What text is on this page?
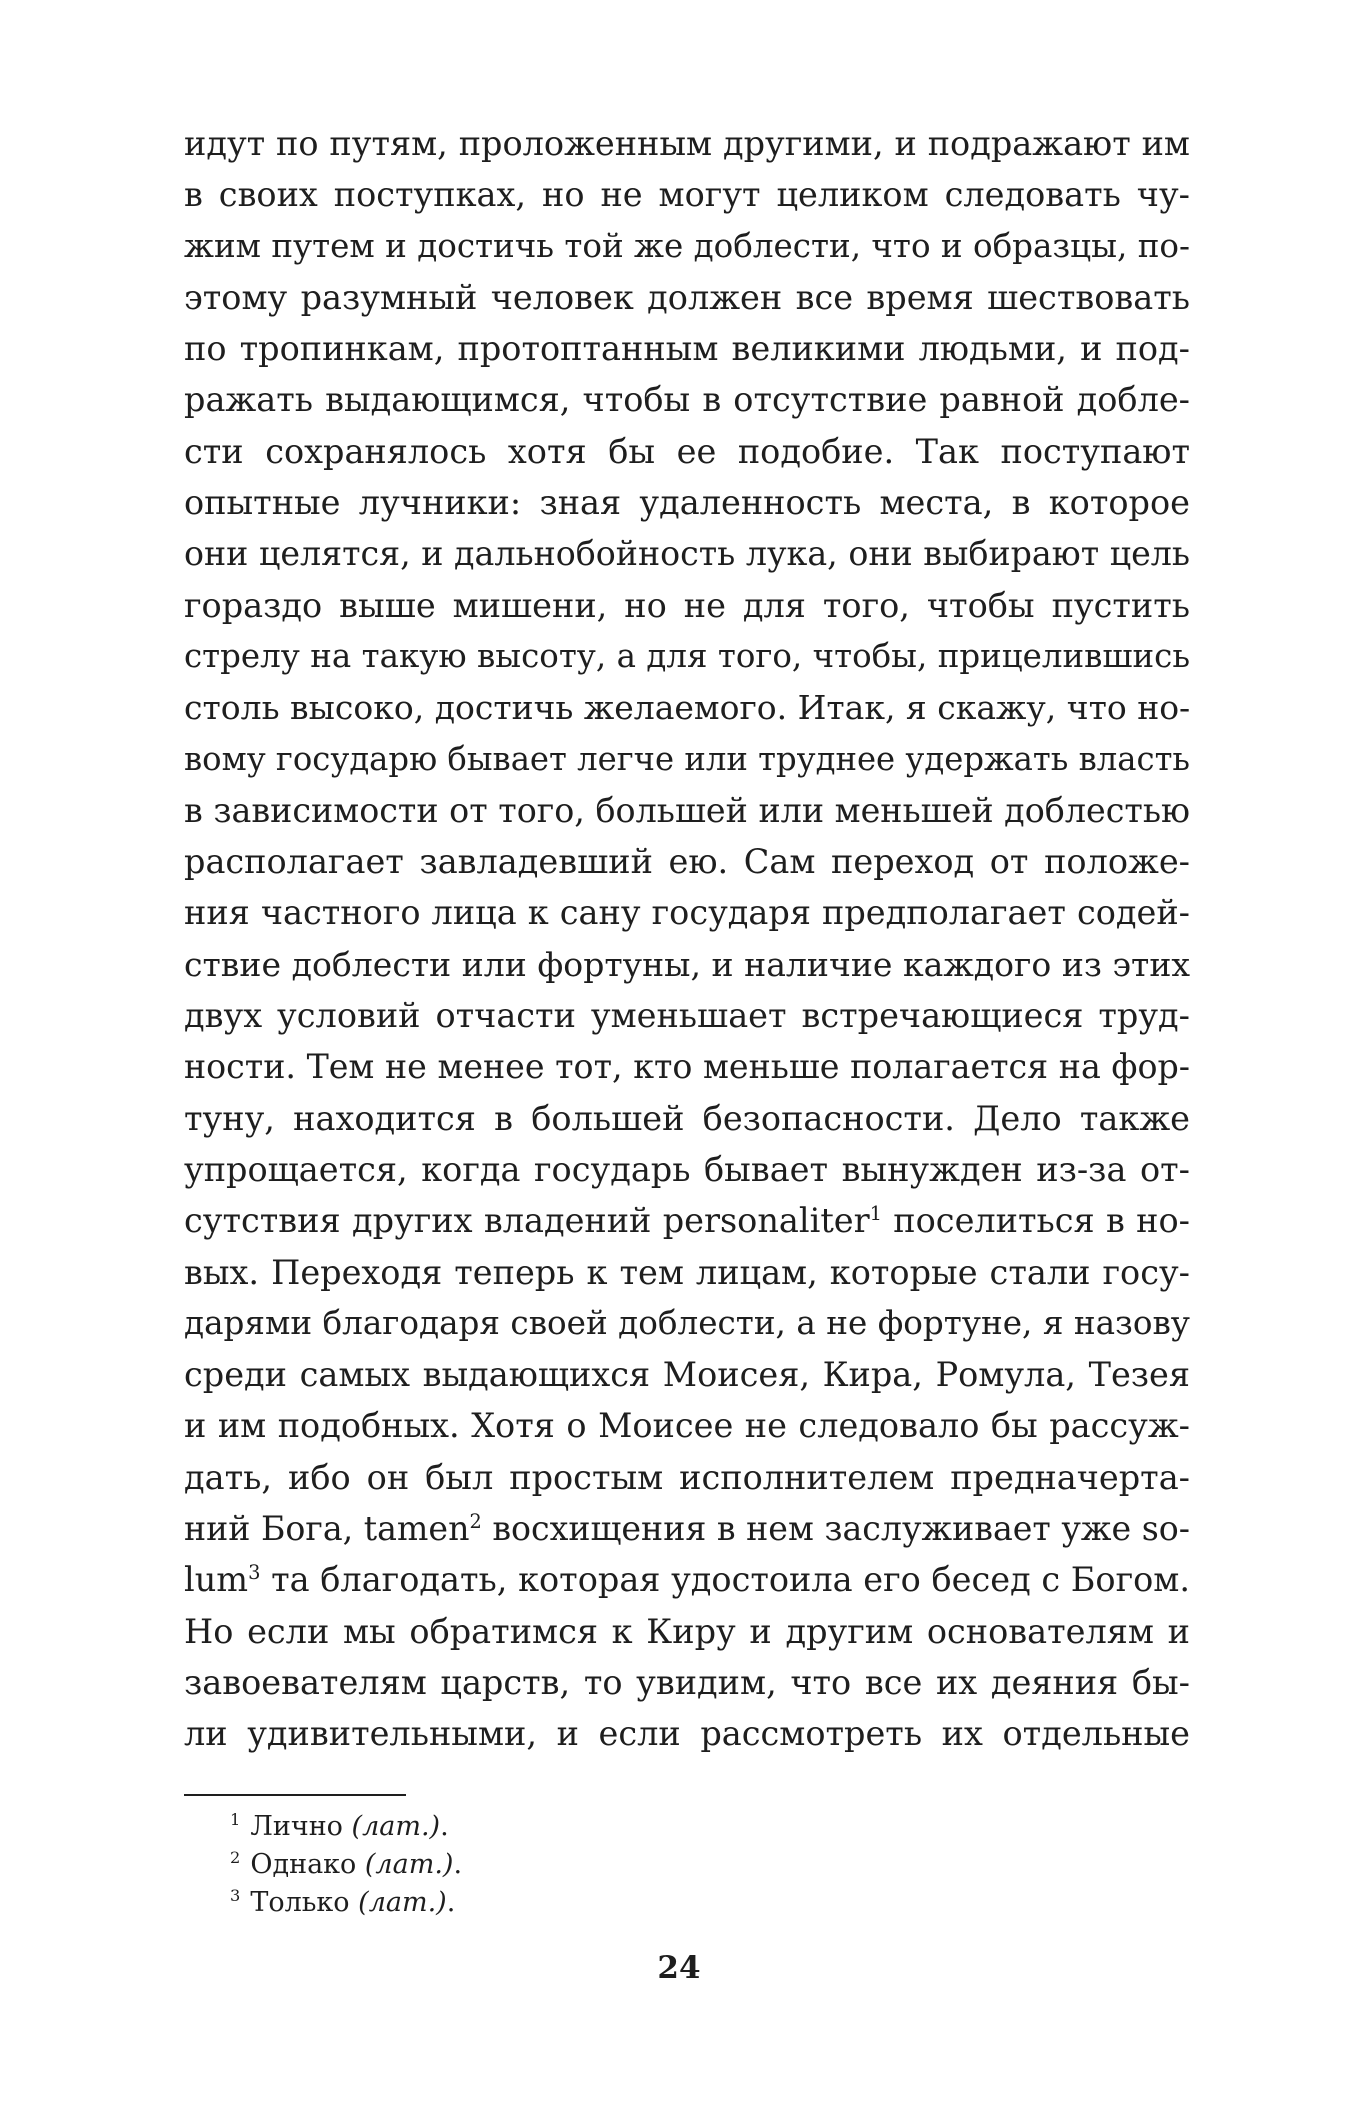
идут по путям, проложенным другими, и подражают им
в своих поступках, но не могут целиком следовать чу-
жим путем и достичь той же доблести, что и образцы, по-
этому разумный человек должен все время шествовать
по тропинкам, протоптанным великими людьми, и под-
ражать выдающимся, чтобы в отсутствие равной добле-
сти сохранялось хотя бы ее подобие. Так поступают
опытные лучники: зная удаленность места, в которое
они целятся, и дальнобойность лука, они выбирают цель
гораздо выше мишени, но не для того, чтобы пустить
стрелу на такую высоту, а для того, чтобы, прицелившись
столь высоко, достичь желаемого. Итак, я скажу, что но-
вому государю бывает легче или труднее удержать власть
в зависимости от того, большей или меньшей доблестью
располагает завладевший ею. Сам переход от положе-
ния частного лица к сану государя предполагает содей-
ствие доблести или фортуны, и наличие каждого из этих
двух условий отчасти уменьшает встречающиеся труд-
ности. Тем не менее тот, кто меньше полагается на фор-
туну, находится в большей безопасности. Дело также
упрощается, когда государь бывает вынужден из-за от-
сутствия других владений personaliter$^1$ поселиться в но-
вых. Переходя теперь к тем лицам, которые стали госу-
дарями благодаря своей доблести, а не фортуне, я назову
среди самых выдающихся Моисея, Кира, Ромула, Тезея
и им подобных. Хотя о Моисее не следовало бы рассуж-
дать, ибо он был простым исполнителем предначерта-
ний Бога, tamen$^2$ восхищения в нем заслуживает уже so-
lum$^3$ та благодать, которая удостоила его бесед с Богом.
Но если мы обратимся к Киру и другим основателям и
завоевателям царств, то увидим, что все их деяния бы-
ли удивительными, и если рассмотреть их отдельные
$^1$ Лично (лат.).
$^2$ Однако (лат.).
$^3$ Только (лат.).
24
